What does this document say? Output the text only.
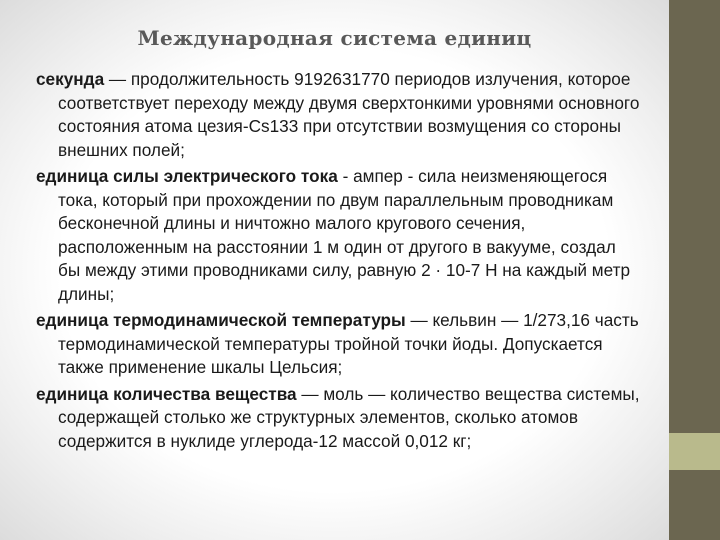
Международная система единиц

секунда — продолжительность 9192631770 периодов излучения, которое соответствует переходу между двумя сверхтонкими уровнями основного состояния атома цезия-Cs133 при отсутствии возмущения со стороны внешних полей;

единица силы электрического тока - ампер - сила неизменяющегося тока, который при прохождении по двум параллельным проводникам бесконечной длины и ничтожно малого кругового сечения, расположенным на расстоянии 1 м один от другого в вакууме, создал бы между этими проводниками силу, равную 2 · 10-7 Н на каждый метр длины;

единица термодинамической температуры — кельвин — 1/273,16 часть термодинамической температуры тройной точки йоды. Допускается также применение шкалы Цельсия;

единица количества вещества — моль — количество вещества системы, содержащей столько же структурных элементов, сколько атомов содержится в нуклиде углерода-12 массой 0,012 кг;
